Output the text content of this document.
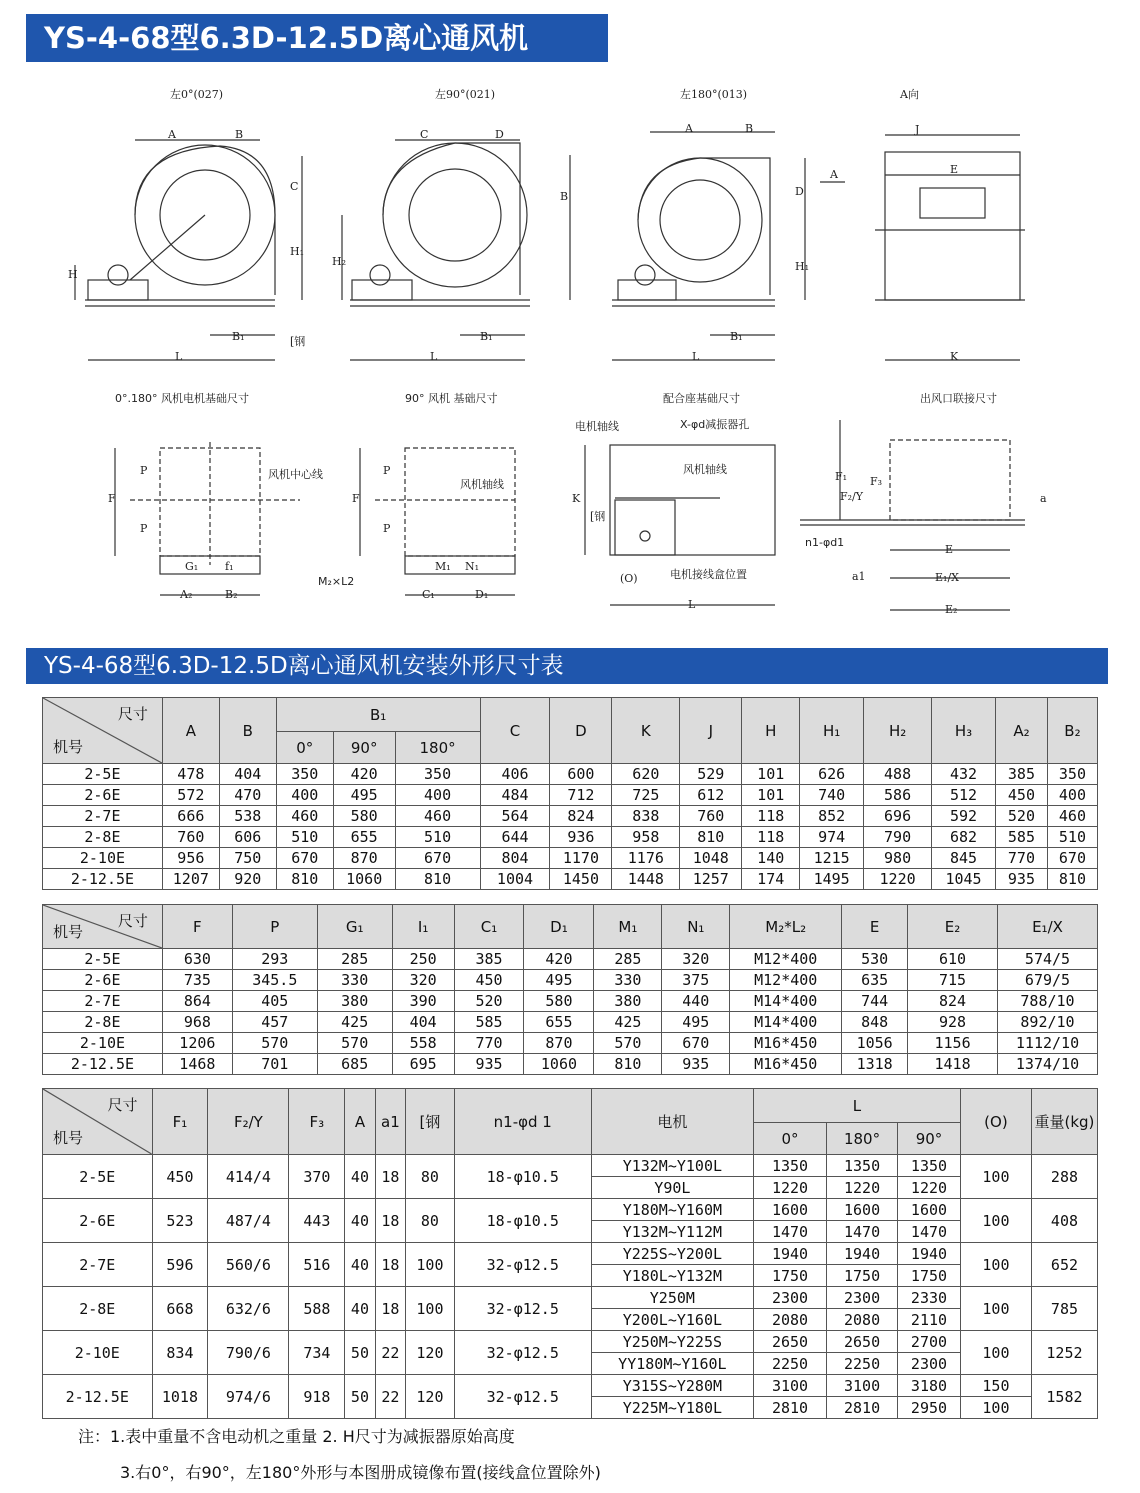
YS-4-68型6.3D-12.5D离心通风机
左0°(027)	左90°(021)	左180°(013)	A向
A	B
L
B₁
C
H₁
[钢
H
C	D
L
B₁
B
H₂
A	B
L
B₁
D
H₁
A
J
E
K
0°.180° 风机电机基础尺寸	90° 风机 基础尺寸	配合座基础尺寸	出风口联接尺寸
F
P
P
风机中心线
G₁ f₁
A₂	B₂
F
P
P
风机轴线
M₁ N₁
C₁	D₁
M₂×L2
K
[钢
电机轴线	X-φd减振器孔
风机轴线
电机接线盒位置
(O)
L
F₁
F₂/Y
F₃
a
n1-φd1
E
a1	E₁/X
E₂
YS-4-68型6.3D-12.5D离心通风机安装外形尺寸表
尺寸
机号	A	B	B₁			C	D	K	J	H	H₁	H₂	H₃	A₂	B₂
			0°	90°	180°										
2-5E	478	404	350	420	350	406	600	620	529	101	626	488	432	385	350
2-6E	572	470	400	495	400	484	712	725	612	101	740	586	512	450	400
2-7E	666	538	460	580	460	564	824	838	760	118	852	696	592	520	460
2-8E	760	606	510	655	510	644	936	958	810	118	974	790	682	585	510
2-10E	956	750	670	870	670	804	1170	1176	1048	140	1215	980	845	770	670
2-12.5E	1207	920	810	1060	810	1004	1450	1448	1257	174	1495	1220	1045	935	810
尺寸
机号	F	P	G₁	I₁	C₁	D₁	M₁	N₁	M₂*L₂	E	E₂	E₁/X
2-5E	630	293	285	250	385	420	285	320	M12*400	530	610	574/5
2-6E	735	345.5	330	320	450	495	330	375	M12*400	635	715	679/5
2-7E	864	405	380	390	520	580	380	440	M14*400	744	824	788/10
2-8E	968	457	425	404	585	655	425	495	M14*400	848	928	892/10
2-10E	1206	570	570	558	770	870	570	670	M16*450	1056	1156	1112/10
2-12.5E	1468	701	685	695	935	1060	810	935	M16*450	1318	1418	1374/10
尺寸
机号	F₁	F₂/Y	F₃	A	a1	[钢	n1-φd 1	电机	L			(O)	重量(kg)
									0°	180°	90°		
2-5E	450	414/4	370	40	18	80	18-φ10.5	Y132M~Y100L	1350	1350	1350	100	288
								Y90L	1220	1220	1220		
2-6E	523	487/4	443	40	18	80	18-φ10.5	Y180M~Y160M	1600	1600	1600	100	408
								Y132M~Y112M	1470	1470	1470		
2-7E	596	560/6	516	40	18	100	32-φ12.5	Y225S~Y200L	1940	1940	1940	100	652
								Y180L~Y132M	1750	1750	1750		
2-8E	668	632/6	588	40	18	100	32-φ12.5	Y250M	2300	2300	2330	100	785
								Y200L~Y160L	2080	2080	2110		
2-10E	834	790/6	734	50	22	120	32-φ12.5	Y250M~Y225S	2650	2650	2700	100	1252
								YY180M~Y160L	2250	2250	2300		
2-12.5E	1018	974/6	918	50	22	120	32-φ12.5	Y315S~Y280M	3100	3100	3180	150	1582
								Y225M~Y180L	2810	2810	2950	100	
注：1.表中重量不含电动机之重量 2. H尺寸为减振器原始高度
3.右0°，右90°，左180°外形与本图册成镜像布置(接线盒位置除外)
